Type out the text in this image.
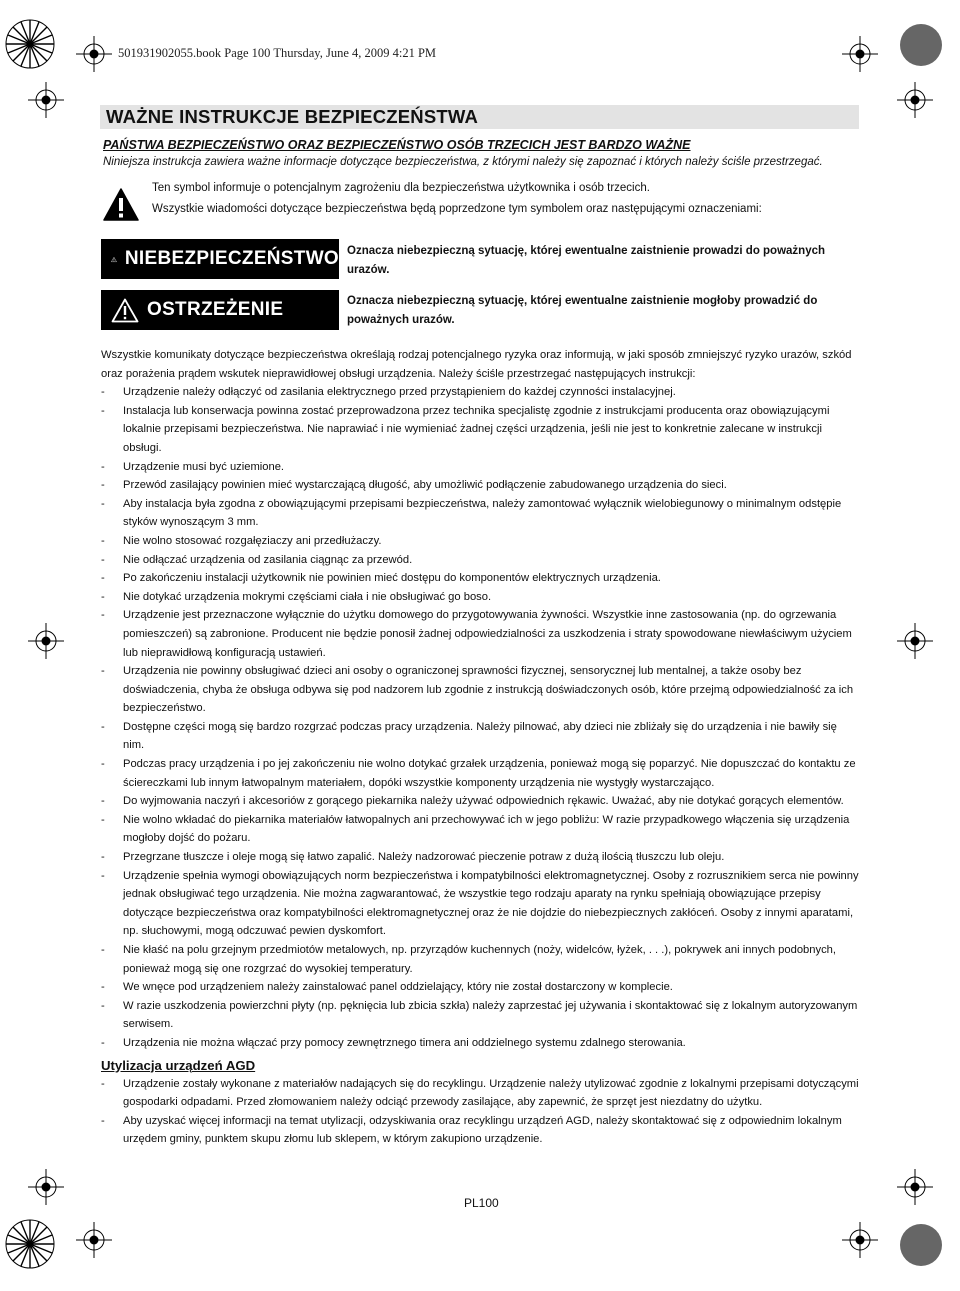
501931902055.book Page 100 Thursday, June 4, 2009 4:21 PM
WAŻNE INSTRUKCJE BEZPIECZEŃSTWA
PAŃSTWA BEZPIECZEŃSTWO ORAZ BEZPIECZEŃSTWO OSÓB TRZECICH JEST BARDZO WAŻNE
Niniejsza instrukcja zawiera ważne informacje dotyczące bezpieczeństwa, z którymi należy się zapoznać i których należy ściśle przestrzegać.
Ten symbol informuje o potencjalnym zagrożeniu dla bezpieczeństwa użytkownika i osób trzecich.
Wszystkie wiadomości dotyczące bezpieczeństwa będą poprzedzone tym symbolem oraz następującymi oznaczeniami:
NIEBEZPIECZEŃSTWO Oznacza niebezpieczną sytuację, której ewentualne zaistnienie prowadzi do poważnych urazów.
OSTRZEŻENIE	Oznacza niebezpieczną sytuację, której ewentualne zaistnienie mogłoby prowadzić do poważnych urazów.

Wszystkie komunikaty dotyczące bezpieczeństwa określają rodzaj potencjalnego ryzyka oraz informują, w jaki sposób zmniejszyć ryzyko urazów, szkód oraz porażenia prądem wskutek nieprawidłowej obsługi urządzenia. Należy ściśle przestrzegać następujących instrukcji:

- Urządzenie należy odłączyć od zasilania elektrycznego przed przystąpieniem do każdej czynności instalacyjnej.
- Instalacja lub konserwacja powinna zostać przeprowadzona przez technika specjalistę zgodnie z instrukcjami producenta oraz obowiązującymi lokalnie przepisami bezpieczeństwa. Nie naprawiać i nie wymieniać żadnej części urządzenia, jeśli nie jest to konkretnie zalecane w instrukcji obsługi.
- Urządzenie musi być uziemione.
- Przewód zasilający powinien mieć wystarczającą długość, aby umożliwić podłączenie zabudowanego urządzenia do sieci.
- Aby instalacja była zgodna z obowiązującymi przepisami bezpieczeństwa, należy zamontować wyłącznik wielobiegunowy o minimalnym odstępie styków wynoszącym 3 mm.
- Nie wolno stosować rozgałęziaczy ani przedłużaczy.
- Nie odłączać urządzenia od zasilania ciągnąc za przewód.
- Po zakończeniu instalacji użytkownik nie powinien mieć dostępu do komponentów elektrycznych urządzenia.
- Nie dotykać urządzenia mokrymi częściami ciała i nie obsługiwać go boso.
- Urządzenie jest przeznaczone wyłącznie do użytku domowego do przygotowywania żywności. Wszystkie inne zastosowania (np. do ogrzewania pomieszczeń) są zabronione. Producent nie będzie ponosił żadnej odpowiedzialności za uszkodzenia i straty spowodowane niewłaściwym użyciem lub nieprawidłową konfiguracją ustawień.
- Urządzenia nie powinny obsługiwać dzieci ani osoby o ograniczonej sprawności fizycznej, sensorycznej lub mentalnej, a także osoby bez doświadczenia, chyba że obsługa odbywa się pod nadzorem lub zgodnie z instrukcją doświadczonych osób, które przejmą odpowiedzialność za ich bezpieczeństwo.
- Dostępne części mogą się bardzo rozgrzać podczas pracy urządzenia. Należy pilnować, aby dzieci nie zbliżały się do urządzenia i nie bawiły się nim.
- Podczas pracy urządzenia i po jej zakończeniu nie wolno dotykać grzałek urządzenia, ponieważ mogą się poparzyć. Nie dopuszczać do kontaktu ze ściereczkami lub innym łatwopalnym materiałem, dopóki wszystkie komponenty urządzenia nie wystygły wystarczająco.
- Do wyjmowania naczyń i akcesoriów z gorącego piekarnika należy używać odpowiednich rękawic. Uważać, aby nie dotykać gorących elementów.
- Nie wolno wkładać do piekarnika materiałów łatwopalnych ani przechowywać ich w jego pobliżu: W razie przypadkowego włączenia się urządzenia mogłoby dojść do pożaru.
- Przegrzane tłuszcze i oleje mogą się łatwo zapalić. Należy nadzorować pieczenie potraw z dużą ilością tłuszczu lub oleju.
- Urządzenie spełnia wymogi obowiązujących norm bezpieczeństwa i kompatybilności elektromagnetycznej. Osoby z rozrusznikiem serca nie powinny jednak obsługiwać tego urządzenia. Nie można zagwarantować, że wszystkie tego rodzaju aparaty na rynku spełniają obowiązujące przepisy dotyczące bezpieczeństwa oraz kompatybilności elektromagnetycznej oraz że nie dojdzie do niebezpiecznych zakłóceń. Osoby z innymi aparatami, np. słuchowymi, mogą odczuwać pewien dyskomfort.
- Nie kłaść na polu grzejnym przedmiotów metalowych, np. przyrządów kuchennych (noży, widelców, łyżek, . . .), pokrywek ani innych podobnych, ponieważ mogą się one rozgrzać do wysokiej temperatury.
- We wnęce pod urządzeniem należy zainstalować panel oddzielający, który nie został dostarczony w komplecie.
- W razie uszkodzenia powierzchni płyty (np. pęknięcia lub zbicia szkła) należy zaprzestać jej używania i skontaktować się z lokalnym autoryzowanym serwisem.
- Urządzenia nie można włączać przy pomocy zewnętrznego timera ani oddzielnego systemu zdalnego sterowania.
Utylizacja urządzeń AGD
- Urządzenie zostały wykonane z materiałów nadających się do recyklingu. Urządzenie należy utylizować zgodnie z lokalnymi przepisami dotyczącymi gospodarki odpadami. Przed złomowaniem należy odciąć przewody zasilające, aby zapewnić, że sprzęt jest niezdatny do użytku.
- Aby uzyskać więcej informacji na temat utylizacji, odzyskiwania oraz recyklingu urządzeń AGD, należy skontaktować się z odpowiednim lokalnym urzędem gminy, punktem skupu złomu lub sklepem, w którym zakupiono urządzenie.
PL100
